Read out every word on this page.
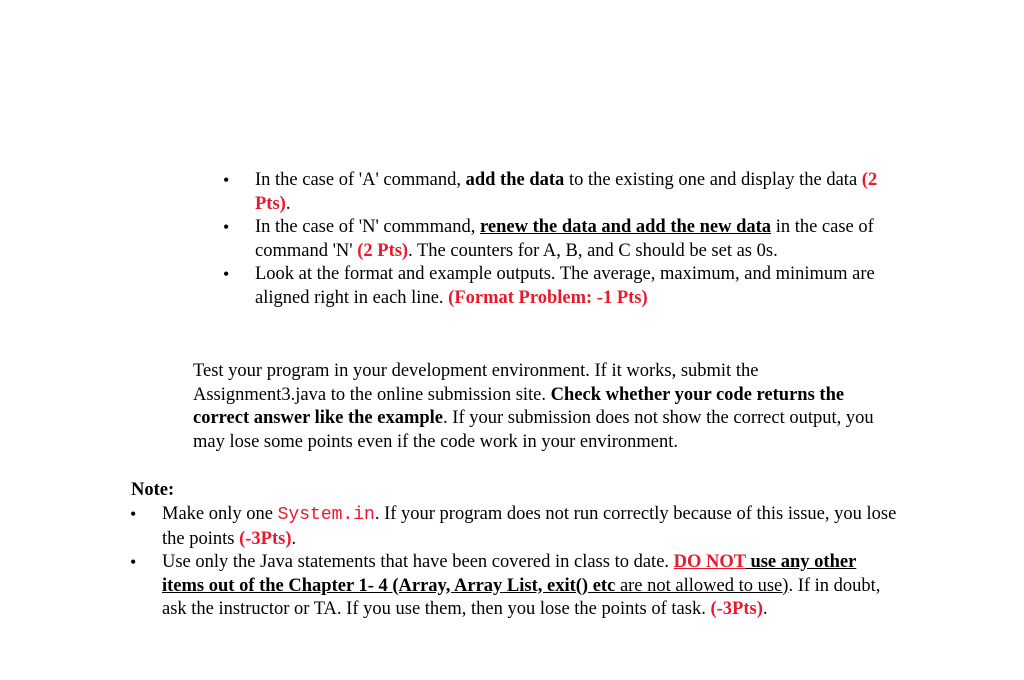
• In the case of 'A' command, add the data to the existing one and display the data (2 Pts).
• In the case of 'N' commmand, renew the data and add the new data in the case of command 'N' (2 Pts). The counters for A, B, and C should be set as 0s.
• Look at the format and example outputs. The average, maximum, and minimum are aligned right in each line. (Format Problem: -1 Pts)

Test your program in your development environment. If it works, submit the Assignment3.java to the online submission site. Check whether your code returns the correct answer like the example. If your submission does not show the correct output, you may lose some points even if the code work in your environment.

Note:

• Make only one System.in. If your program does not run correctly because of this issue, you lose the points (-3Pts).
• Use only the Java statements that have been covered in class to date. DO NOT use any other items out of the Chapter 1- 4 (Array, Array List, exit() etc are not allowed to use). If in doubt, ask the instructor or TA. If you use them, then you lose the points of task. (-3Pts).
